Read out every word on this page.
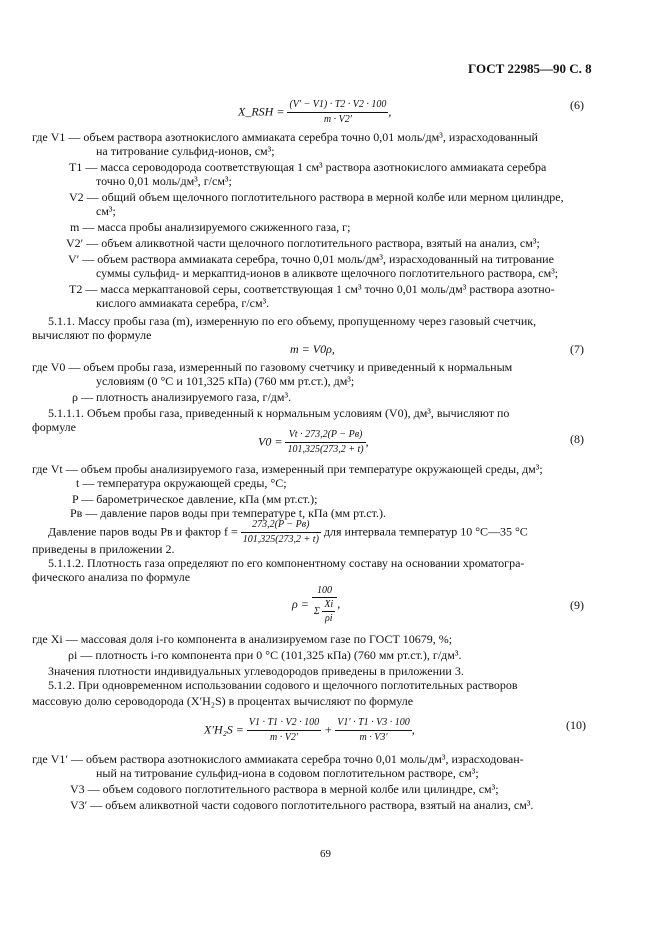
ГОСТ 22985—90 С. 8
X_RSH = $\frac{(V' - V1) \cdot T2 \cdot V2 \cdot 100}{m \cdot V2'}$ ,	(6)
где V1 — объем раствора азотнокислого аммиаката серебра точно 0,01 моль/дм³, израсходованный
на титрование сульфид-ионов, см³;
T1 — масса сероводорода соответствующая 1 см³ раствора азотнокислого аммиаката серебра
точно 0,01 моль/дм³, г/см³;
V2 — общий объем щелочного поглотительного раствора в мерной колбе или мерном цилиндре,
см³;
m — масса пробы анализируемого сжиженного газа, г;
V2′ — объем аликвотной части щелочного поглотительного раствора, взятый на анализ, см³;
V′ — объем раствора аммиаката серебра, точно 0,01 моль/дм³, израсходованный на титрование
суммы сульфид- и меркаптид-ионов в аликвоте щелочного поглотительного раствора, см³;
T2 — масса меркаптановой серы, соответствующая 1 см³ точно 0,01 моль/дм³ раствора азотно-
кислого аммиаката серебра, г/см³.
5.1.1. Массу пробы газа (m), измеренную по его объему, пропущенному через газовый счетчик,
вычисляют по формуле
m = V0ρ,	(7)
где V0 — объем пробы газа, измеренный по газовому счетчику и приведенный к нормальным
условиям (0 °С и 101,325 кПа) (760 мм рт.ст.), дм³;
ρ — плотность анализируемого газа, г/дм³.
5.1.1.1. Объем пробы газа, приведенный к нормальным условиям (V0), дм³, вычисляют по
формуле
$V0 = \frac{Vt \cdot 273,2(P - Pв)}{101,325(273,2 + t)}$ ,	(8)
где Vt — объем пробы анализируемого газа, измеренный при температуре окружающей среды, дм³;
t — температура окружающей среды, °С;
P — барометрическое давление, кПа (мм рт.ст.);
Pв — давление паров воды при температуре t, кПа (мм рт.ст.).
Давление паров воды Pв и фактор $f = \frac{273,2(P - Pв)}{101,325(273,2 + t)}$ для интервала температур 10 °С—35 °С
приведены в приложении 2.
5.1.1.2. Плотность газа определяют по его компонентному составу на основании хроматогра-
фического анализа по формуле
$\rho = \frac{100}{\Sigma \frac{Xi}{\rho i}}$ ,	(9)
где Xi — массовая доля i-го компонента в анализируемом газе по ГОСТ 10679, %;
ρi — плотность i-го компонента при 0 °С (101,325 кПа) (760 мм рт.ст.), г/дм³.
Значения плотности индивидуальных углеводородов приведены в приложении 3.
5.1.2. При одновременном использовании содового и щелочного поглотительных растворов
массовую долю сероводорода (X′H₂S) в процентах вычисляют по формуле
$X'H_2S = \frac{V1 \cdot T1 \cdot V2 \cdot 100}{m \cdot V2'} + \frac{V1' \cdot T1 \cdot V3 \cdot 100}{m \cdot V3'}$ ,	(10)
где V1′ — объем раствора азотнокислого аммиаката серебра точно 0,01 моль/дм³, израсходован-
ный на титрование сульфид-иона в содовом поглотительном растворе, см³;
V3 — объем содового поглотительного раствора в мерной колбе или цилиндре, см³;
V3′ — объем аликвотной части содового поглотительного раствора, взятый на анализ, см³.
69
